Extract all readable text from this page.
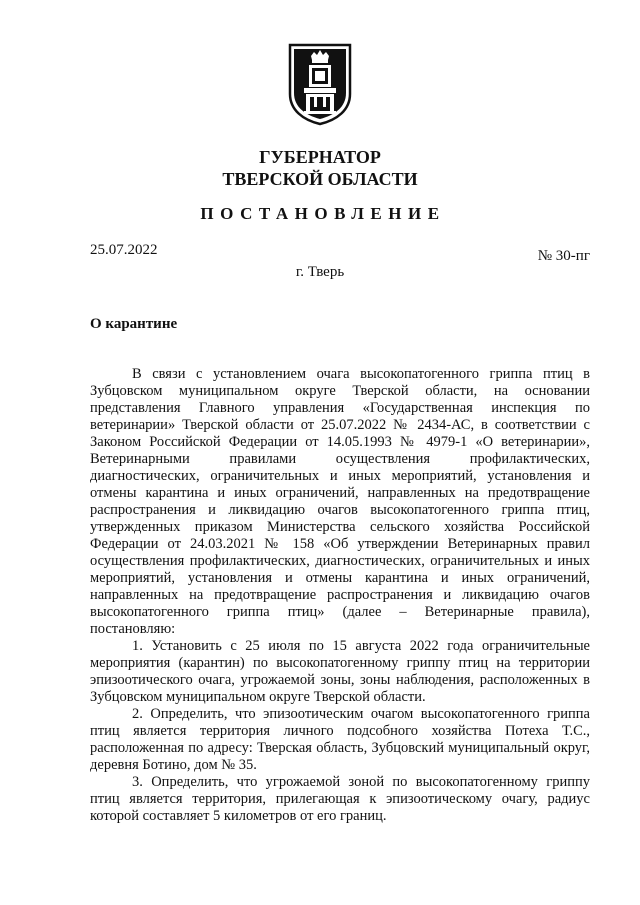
ГУБЕРНАТОР
ТВЕРСКОЙ ОБЛАСТИ
ПОСТАНОВЛЕНИЕ
25.07.2022	№ 30-пг
г. Тверь
О карантине

В связи с установлением очага высокопатогенного гриппа птиц в Зубцовском муниципальном округе Тверской области, на основании представления Главного управления «Государственная инспекция по ветеринарии» Тверской области от 25.07.2022 № 2434-АС, в соответствии с Законом Российской Федерации от 14.05.1993 № 4979-1 «О ветеринарии», Ветеринарными правилами осуществления профилактических, диагностических, ограничительных и иных мероприятий, установления и отмены карантина и иных ограничений, направленных на предотвращение распространения и ликвидацию очагов высокопатогенного гриппа птиц, утвержденных приказом Министерства сельского хозяйства Российской Федерации от 24.03.2021 № 158 «Об утверждении Ветеринарных правил осуществления профилактических, диагностических, ограничительных и иных мероприятий, установления и отмены карантина и иных ограничений, направленных на предотвращение распространения и ликвидацию очагов высокопатогенного гриппа птиц» (далее – Ветеринарные правила), постановляю:

1. Установить с 25 июля по 15 августа 2022 года ограничительные мероприятия (карантин) по высокопатогенному гриппу птиц на территории эпизоотического очага, угрожаемой зоны, зоны наблюдения, расположенных в Зубцовском муниципальном округе Тверской области.

2. Определить, что эпизоотическим очагом высокопатогенного гриппа птиц является территория личного подсобного хозяйства Потеха Т.С., расположенная по адресу: Тверская область, Зубцовский муниципальный округ, деревня Ботино, дом № 35.

3. Определить, что угрожаемой зоной по высокопатогенному гриппу птиц является территория, прилегающая к эпизоотическому очагу, радиус которой составляет 5 километров от его границ.
